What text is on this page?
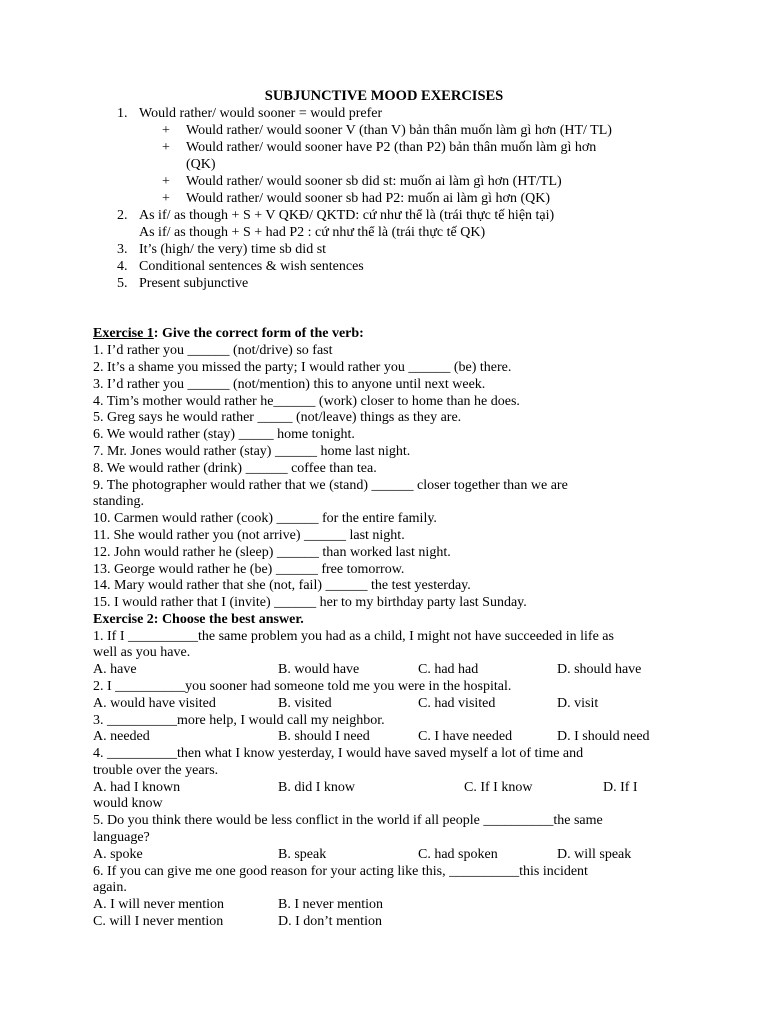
SUBJUNCTIVE MOOD EXERCISES
1. Would rather/ would sooner = would prefer
+ Would rather/ would sooner V (than V) bản thân muốn làm gì hơn (HT/ TL)
+ Would rather/ would sooner have P2 (than P2) bản thân muốn làm gì hơn
(QK)
+ Would rather/ would sooner sb did st: muốn ai làm gì hơn (HT/TL)
+ Would rather/ would sooner sb had P2: muốn ai làm gì hơn (QK)
2. As if/ as though + S + V QKĐ/ QKTD: cứ như thể là (trái thực tế hiện tại)
As if/ as though + S + had P2 : cứ như thể là (trái thực tế QK)
3. It’s (high/ the very) time sb did st
4. Conditional sentences & wish sentences
5. Present subjunctive
Exercise 1: Give the correct form of the verb:
1. I’d rather you ______ (not/drive) so fast
2. It’s a shame you missed the party; I would rather you ______ (be) there.
3. I’d rather you ______ (not/mention) this to anyone until next week.
4. Tim’s mother would rather he______ (work) closer to home than he does.
5. Greg says he would rather _____ (not/leave) things as they are.
6. We would rather (stay) _____ home tonight.
7. Mr. Jones would rather (stay) ______ home last night.
8. We would rather (drink) ______ coffee than tea.
9. The photographer would rather that we (stand) ______ closer together than we are
standing.
10. Carmen would rather (cook) ______ for the entire family.
11. She would rather you (not arrive) ______ last night.
12. John would rather he (sleep) ______ than worked last night.
13. George would rather he (be) ______ free tomorrow.
14. Mary would rather that she (not, fail) ______ the test yesterday.
15. I would rather that I (invite) ______ her to my birthday party last Sunday.
Exercise 2: Choose the best answer.
1. If I __________the same problem you had as a child, I might not have succeeded in life as
well as you have.
A. have	B. would have	C. had had	D. should have
2. I __________you sooner had someone told me you were in the hospital.
A. would have visited	B. visited	C. had visited	D. visit
3. __________more help, I would call my neighbor.
A. needed	B. should I need	C. I have needed	D. I should need
4. __________then what I know yesterday, I would have saved myself a lot of time and
trouble over the years.
A. had I known	B. did I know	C. If I know	D. If I
would know
5. Do you think there would be less conflict in the world if all people __________the same
language?
A. spoke	B. speak	C. had spoken	D. will speak
6. If you can give me one good reason for your acting like this, __________this incident
again.
A. I will never mention	B. I never mention
C. will I never mention	D. I don’t mention
